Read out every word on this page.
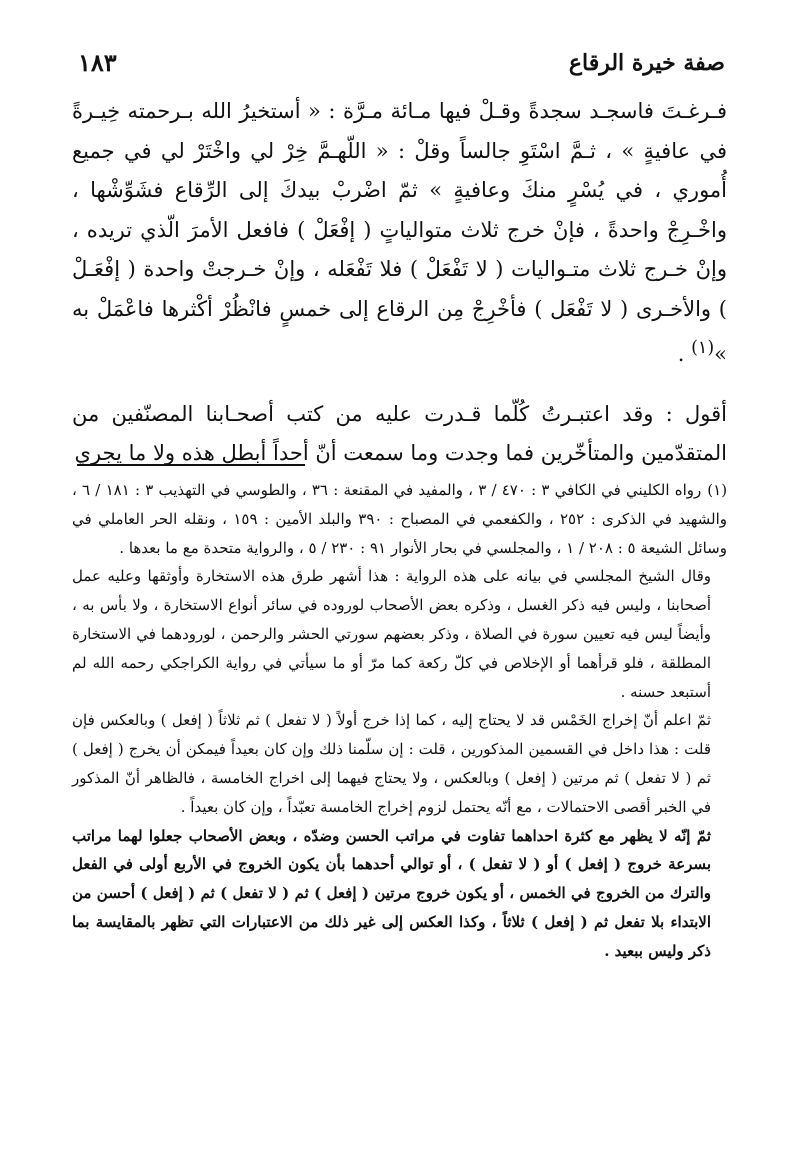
١٨٣	صفة خيرة الرقاع

فـرغـتَ فاسجـد سجدةً وقـلْ فيها مـائة مـرَّة : « أستخيرُ الله بـرحمته خِيـرةً في عافيةٍ » ، ثـمَّ اسْتَوِ جالساً وقلْ : « اللّهـمَّ خِرْ لي واخْتَرْ لي في جميع أُموري ، في يُسْرٍ منكَ وعافيةٍ » ثمّ اضْربْ بيدكَ إلى الرِّقاع فشَوِّشْها ، واخْـرِجْ واحدةً ، فإنْ خرج ثلاث متوالياتٍ ( إفْعَلْ ) فافعل الأمرَ الّذي تريده ، وإنْ خـرج ثلاث متـواليات ( لا تَفْعَلْ ) فلا تَفْعَله ، وإنْ خـرجتْ واحدة ( إفْعَـلْ ) والأخـرى ( لا تَفْعَل ) فأخْرِجْ مِن الرقاع إلى خمسٍ فانْظُرْ أكْثرها فاعْمَلْ به »$^{(١)}$ .

أقول : وقد اعتبـرتُ كُلّما قـدرت عليه من كتب أصحـابنا المصنّفين من المتقدّمين والمتأخّرين فما وجدت وما سمعت أنّ أحداً أبطل هذه ولا ما يجري

(١)رواه الكليني في الكافي ٣ : ٤٧٠ / ٣ ، والمفيد في المقنعة : ٣٦ ، والطوسي في التهذيب ٣ : ١٨١ / ٦ ، والشهيد في الذكرى : ٢٥٢ ، والكفعمي في المصباح : ٣٩٠ والبلد الأمين : ١٥٩ ، ونقله الحر العاملي في وسائل الشيعة ٥ : ٢٠٨ / ١ ، والمجلسي في بحار الأنوار ٩١ : ٢٣٠ / ٥ ، والرواية متحدة مع ما بعدها .

وقال الشيخ المجلسي في بيانه على هذه الرواية : هذا أشهر طرق هذه الاستخارة وأوثقها وعليه عمل أصحابنا ، وليس فيه ذكر الغسل ، وذكره بعض الأصحاب لوروده في سائر أنواع الاستخارة ، ولا بأس به ، وأيضاً ليس فيه تعيين سورة في الصلاة ، وذكر بعضهم سورتي الحشر والرحمن ، لورودهما في الاستخارة المطلقة ، فلو قرأهما أو الإخلاص في كلّ ركعة كما مرّ أو ما سيأتي في رواية الكراجكي رحمه الله لم أستبعد حسنه .

ثمّ اعلم أنّ إخراج الخَمْس قد لا يحتاج إليه ، كما إذا خرج أولاً ( لا تفعل ) ثم ثلاثاً ( إفعل ) وبالعكس فإن قلت : هذا داخل في القسمين المذكورين ، قلت : إن سلّمنا ذلك وإن كان بعيداً فيمكن أن يخرج ( إفعل ) ثم ( لا تفعل ) ثم مرتين ( إفعل ) وبالعكس ، ولا يحتاج فيهما إلى اخراج الخامسة ، فالظاهر أنّ المذكور في الخبر أقصى الاحتمالات ، مع أنّه يحتمل لزوم إخراج الخامسة تعبّداً ، وإن كان بعيداً .

ثمّ إنّه لا يظهر مع كثرة احداهما تفاوت في مراتب الحسن وضدّه ، وبعض الأصحاب جعلوا لهما مراتب بسرعة خروج ( إفعل ) أو ( لا تفعل ) ، أو توالي أحدهما بأن يكون الخروج في الأربع أولى في الفعل والترك من الخروج في الخمس ، أو يكون خروج مرتين ( إفعل ) ثم ( لا تفعل ) ثم ( إفعل ) أحسن من الابتداء بلا تفعل ثم ( إفعل ) ثلاثاً ، وكذا العكس إلى غير ذلك من الاعتبارات التي تظهر بالمقايسة بما ذكر وليس ببعيد .
